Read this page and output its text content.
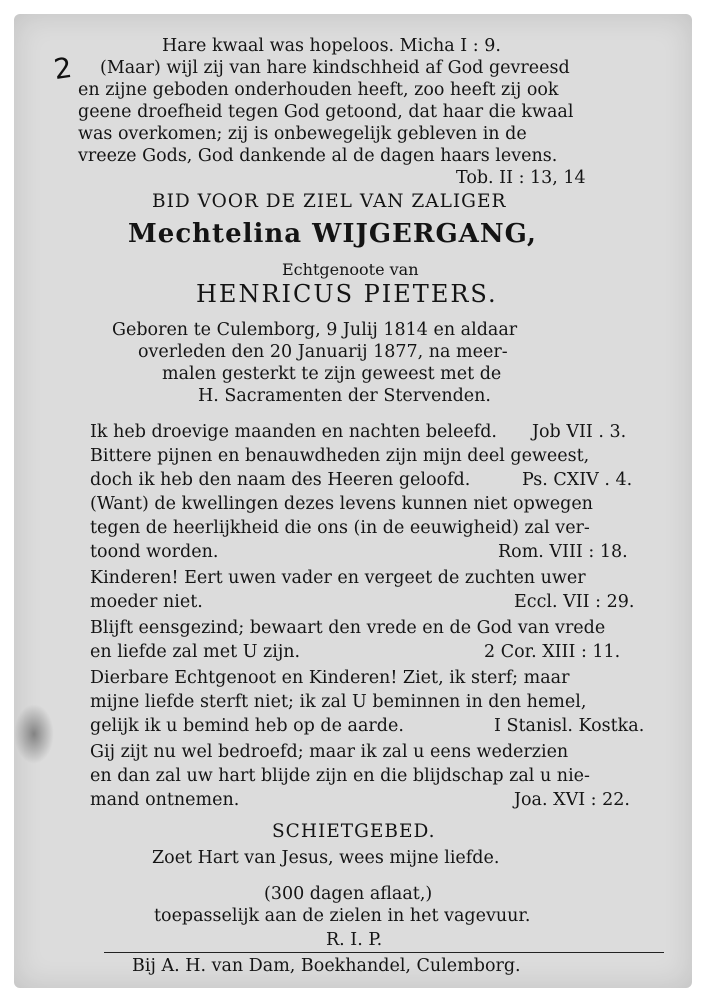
2
Hare kwaal was hopeloos. Micha I : 9.
(Maar) wijl zij van hare kindschheid af God gevreesd
en zijne geboden onderhouden heeft, zoo heeft zij ook
geene droefheid tegen God getoond, dat haar die kwaal
was overkomen; zij is onbewegelijk gebleven in de
vreeze Gods, God dankende al de dagen haars levens.
Tob. II : 13, 14
BID VOOR DE ZIEL VAN ZALIGER
Mechtelina WIJGERGANG,
Echtgenoote van
HENRICUS PIETERS.
Geboren te Culemborg, 9 Julij 1814 en aldaar
overleden den 20 Januarij 1877, na meer-
malen gesterkt te zijn geweest met de
H. Sacramenten der Stervenden.
Ik heb droevige maanden en nachten beleefd. Job VII . 3.
Bittere pijnen en benauwdheden zijn mijn deel geweest,
doch ik heb den naam des Heeren geloofd.	Ps. CXIV . 4.
(Want) de kwellingen dezes levens kunnen niet opwegen
tegen de heerlijkheid die ons (in de eeuwigheid) zal ver-
toond worden.	Rom. VIII : 18.
Kinderen! Eert uwen vader en vergeet de zuchten uwer
moeder niet.	Eccl. VII : 29.
Blijft eensgezind; bewaart den vrede en de God van vrede
en liefde zal met U zijn.	2 Cor. XIII : 11.
Dierbare Echtgenoot en Kinderen! Ziet, ik sterf; maar
mijne liefde sterft niet; ik zal U beminnen in den hemel,
gelijk ik u bemind heb op de aarde.	I Stanisl. Kostka.
Gij zijt nu wel bedroefd; maar ik zal u eens wederzien
en dan zal uw hart blijde zijn en die blijdschap zal u nie-
mand ontnemen.	Joa. XVI : 22.
SCHIETGEBED.
Zoet Hart van Jesus, wees mijne liefde.
(300 dagen aflaat,)
toepasselijk aan de zielen in het vagevuur.
R. I. P.
Bij A. H. van Dam, Boekhandel, Culemborg.
